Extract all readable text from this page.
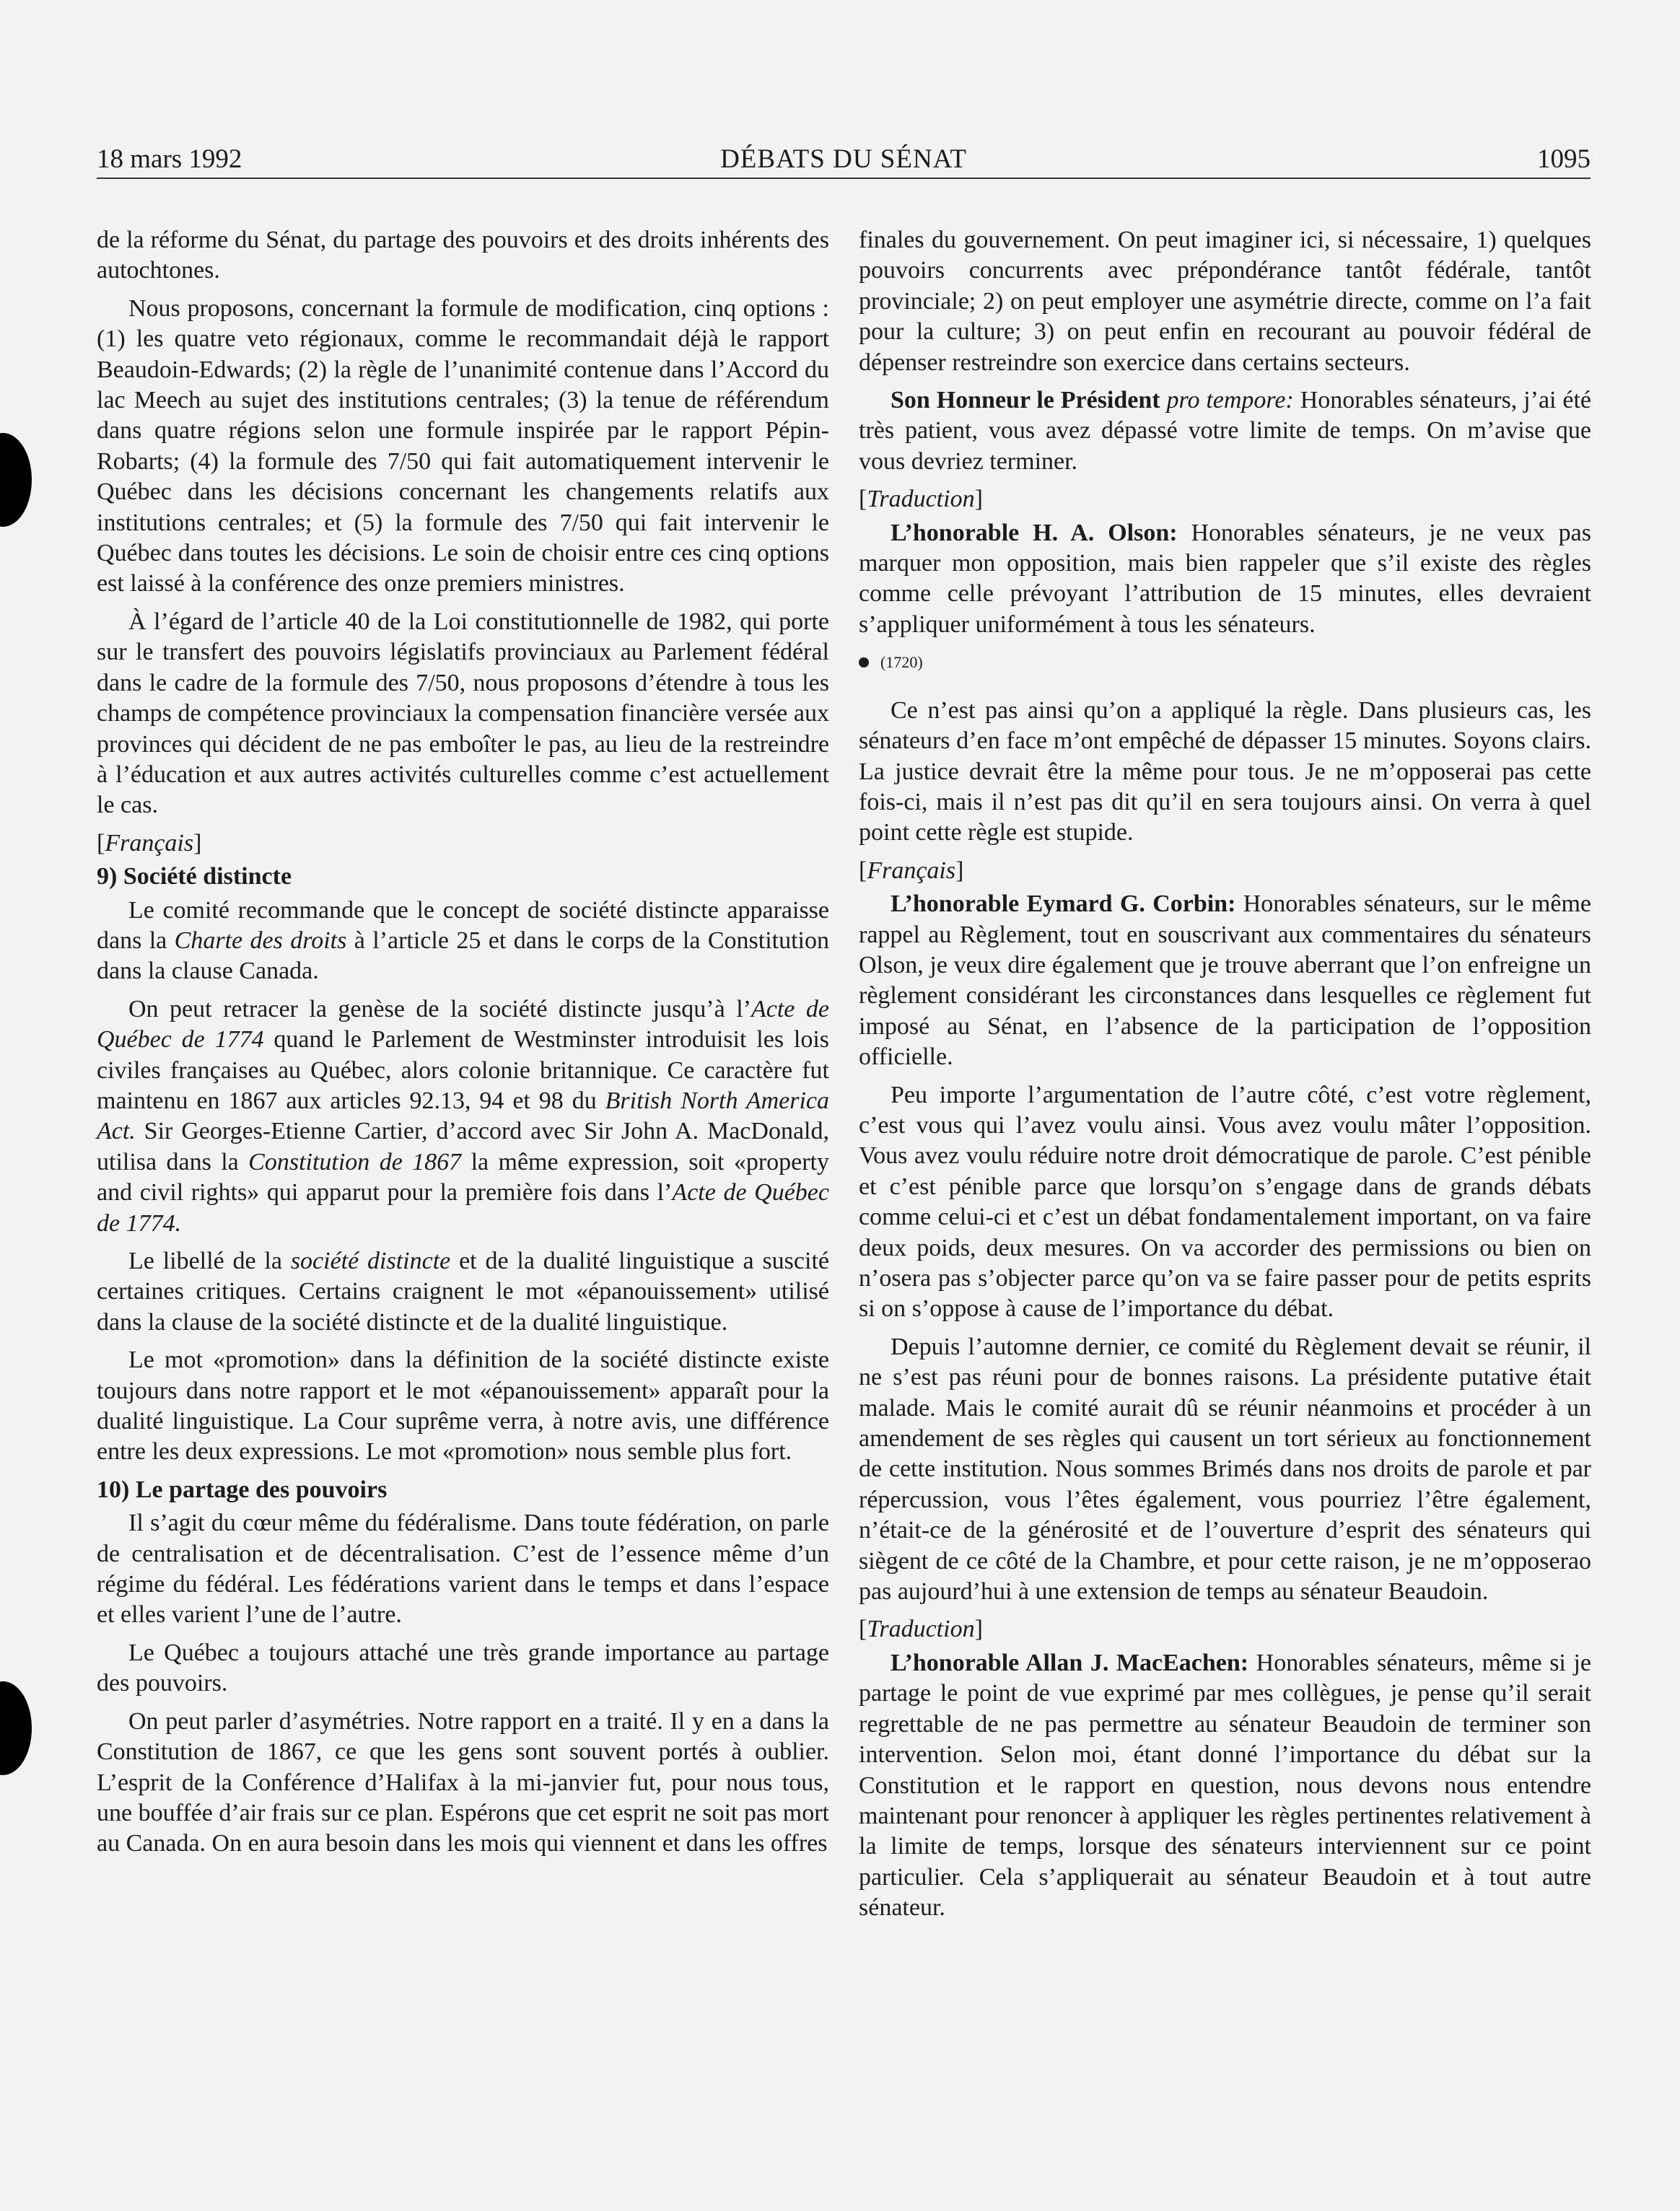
18 mars 1992	DÉBATS DU SÉNAT	1095

de la réforme du Sénat, du partage des pouvoirs et des droits inhérents des autochtones.

Nous proposons, concernant la formule de modification, cinq options : (1) les quatre veto régionaux, comme le recommandait déjà le rapport Beaudoin-Edwards; (2) la règle de l’unanimité contenue dans l’Accord du lac Meech au sujet des institutions centrales; (3) la tenue de référendum dans quatre régions selon une formule inspirée par le rapport Pépin-Robarts; (4) la formule des 7/50 qui fait automatiquement intervenir le Québec dans les décisions concernant les changements relatifs aux institutions centrales; et (5) la formule des 7/50 qui fait intervenir le Québec dans toutes les décisions. Le soin de choisir entre ces cinq options est laissé à la conférence des onze premiers ministres.

À l’égard de l’article 40 de la Loi constitutionnelle de 1982, qui porte sur le transfert des pouvoirs législatifs provinciaux au Parlement fédéral dans le cadre de la formule des 7/50, nous proposons d’étendre à tous les champs de compétence provinciaux la compensation financière versée aux provinces qui décident de ne pas emboîter le pas, au lieu de la restreindre à l’éducation et aux autres activités culturelles comme c’est actuellement le cas.

[Français]

9) Société distincte

Le comité recommande que le concept de société distincte apparaisse dans la Charte des droits à l’article 25 et dans le corps de la Constitution dans la clause Canada.

On peut retracer la genèse de la société distincte jusqu’à l’Acte de Québec de 1774 quand le Parlement de Westminster introduisit les lois civiles françaises au Québec, alors colonie britannique. Ce caractère fut maintenu en 1867 aux articles 92.13, 94 et 98 du British North America Act. Sir Georges-Etienne Cartier, d’accord avec Sir John A. MacDonald, utilisa dans la Constitution de 1867 la même expression, soit «property and civil rights» qui apparut pour la première fois dans l’Acte de Québec de 1774.

Le libellé de la société distincte et de la dualité linguistique a suscité certaines critiques. Certains craignent le mot «épanouissement» utilisé dans la clause de la société distincte et de la dualité linguistique.

Le mot «promotion» dans la définition de la société distincte existe toujours dans notre rapport et le mot «épanouissement» apparaît pour la dualité linguistique. La Cour suprême verra, à notre avis, une différence entre les deux expressions. Le mot «promotion» nous semble plus fort.

10) Le partage des pouvoirs

Il s’agit du cœur même du fédéralisme. Dans toute fédération, on parle de centralisation et de décentralisation. C’est de l’essence même d’un régime du fédéral. Les fédérations varient dans le temps et dans l’espace et elles varient l’une de l’autre.

Le Québec a toujours attaché une très grande importance au partage des pouvoirs.

On peut parler d’asymétries. Notre rapport en a traité. Il y en a dans la Constitution de 1867, ce que les gens sont souvent portés à oublier. L’esprit de la Conférence d’Halifax à la mi-janvier fut, pour nous tous, une bouffée d’air frais sur ce plan. Espérons que cet esprit ne soit pas mort au Canada. On en aura besoin dans les mois qui viennent et dans les offres

finales du gouvernement. On peut imaginer ici, si nécessaire, 1) quelques pouvoirs concurrents avec prépondérance tantôt fédérale, tantôt provinciale; 2) on peut employer une asymétrie directe, comme on l’a fait pour la culture; 3) on peut enfin en recourant au pouvoir fédéral de dépenser restreindre son exercice dans certains secteurs.

Son Honneur le Président pro tempore: Honorables sénateurs, j’ai été très patient, vous avez dépassé votre limite de temps. On m’avise que vous devriez terminer.

[Traduction]

L’honorable H. A. Olson: Honorables sénateurs, je ne veux pas marquer mon opposition, mais bien rappeler que s’il existe des règles comme celle prévoyant l’attribution de 15 minutes, elles devraient s’appliquer uniformément à tous les sénateurs.

(1720)

Ce n’est pas ainsi qu’on a appliqué la règle. Dans plusieurs cas, les sénateurs d’en face m’ont empêché de dépasser 15 minutes. Soyons clairs. La justice devrait être la même pour tous. Je ne m’opposerai pas cette fois-ci, mais il n’est pas dit qu’il en sera toujours ainsi. On verra à quel point cette règle est stupide.

[Français]

L’honorable Eymard G. Corbin: Honorables sénateurs, sur le même rappel au Règlement, tout en souscrivant aux commentaires du sénateurs Olson, je veux dire également que je trouve aberrant que l’on enfreigne un règlement considérant les circonstances dans lesquelles ce règlement fut imposé au Sénat, en l’absence de la participation de l’opposition officielle.

Peu importe l’argumentation de l’autre côté, c’est votre règlement, c’est vous qui l’avez voulu ainsi. Vous avez voulu mâter l’opposition. Vous avez voulu réduire notre droit démocratique de parole. C’est pénible et c’est pénible parce que lorsqu’on s’engage dans de grands débats comme celui-ci et c’est un débat fondamentalement important, on va faire deux poids, deux mesures. On va accorder des permissions ou bien on n’osera pas s’objecter parce qu’on va se faire passer pour de petits esprits si on s’oppose à cause de l’importance du débat.

Depuis l’automne dernier, ce comité du Règlement devait se réunir, il ne s’est pas réuni pour de bonnes raisons. La présidente putative était malade. Mais le comité aurait dû se réunir néanmoins et procéder à un amendement de ses règles qui causent un tort sérieux au fonctionnement de cette institution. Nous sommes Brimés dans nos droits de parole et par répercussion, vous l’êtes également, vous pourriez l’être également, n’était-ce de la générosité et de l’ouverture d’esprit des sénateurs qui siègent de ce côté de la Chambre, et pour cette raison, je ne m’opposerao pas aujourd’hui à une extension de temps au sénateur Beaudoin.

[Traduction]

L’honorable Allan J. MacEachen: Honorables sénateurs, même si je partage le point de vue exprimé par mes collègues, je pense qu’il serait regrettable de ne pas permettre au sénateur Beaudoin de terminer son intervention. Selon moi, étant donné l’importance du débat sur la Constitution et le rapport en question, nous devons nous entendre maintenant pour renoncer à appliquer les règles pertinentes relativement à la limite de temps, lorsque des sénateurs interviennent sur ce point particulier. Cela s’appliquerait au sénateur Beaudoin et à tout autre sénateur.
